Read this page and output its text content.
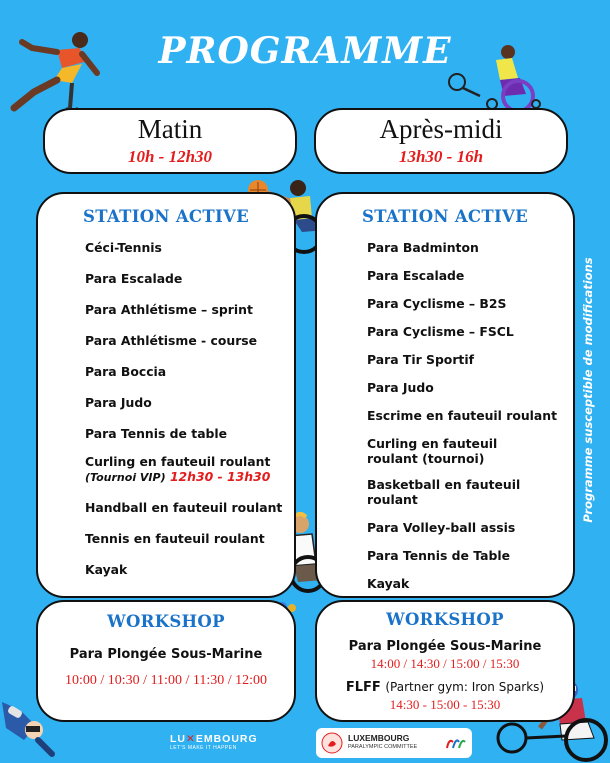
PROGRAMME
Matin
10h - 12h30
Après-midi
13h30 - 16h
STATION ACTIVE
Céci-Tennis
Para Escalade
Para Athlétisme – sprint
Para Athlétisme - course
Para Boccia
Para Judo
Para Tennis de table
Curling en fauteuil roulant
(Tournoi VIP) 12h30 - 13h30
Handball en fauteuil roulant
Tennis en fauteuil roulant
Kayak
STATION ACTIVE
Para Badminton
Para Escalade
Para Cyclisme – B2S
Para Cyclisme – FSCL
Para Tir Sportif
Para Judo
Escrime en fauteuil roulant
Curling en fauteuil roulant (tournoi)
Basketball en fauteuil roulant
Para Volley-ball assis
Para Tennis de Table
Kayak
WORKSHOP
Para Plongée Sous-Marine
10:00 / 10:30 / 11:00 / 11:30 / 12:00
WORKSHOP
Para Plongée Sous-Marine
14:00 / 14:30 / 15:00 / 15:30
FLFF (Partner gym: Iron Sparks)
14:30 - 15:00 - 15:30
Programme susceptible de modifications
LU✕EMBOURG
LET'S MAKE IT HAPPEN
LUXEMBOURG
PARALYMPIC COMMITTEE
